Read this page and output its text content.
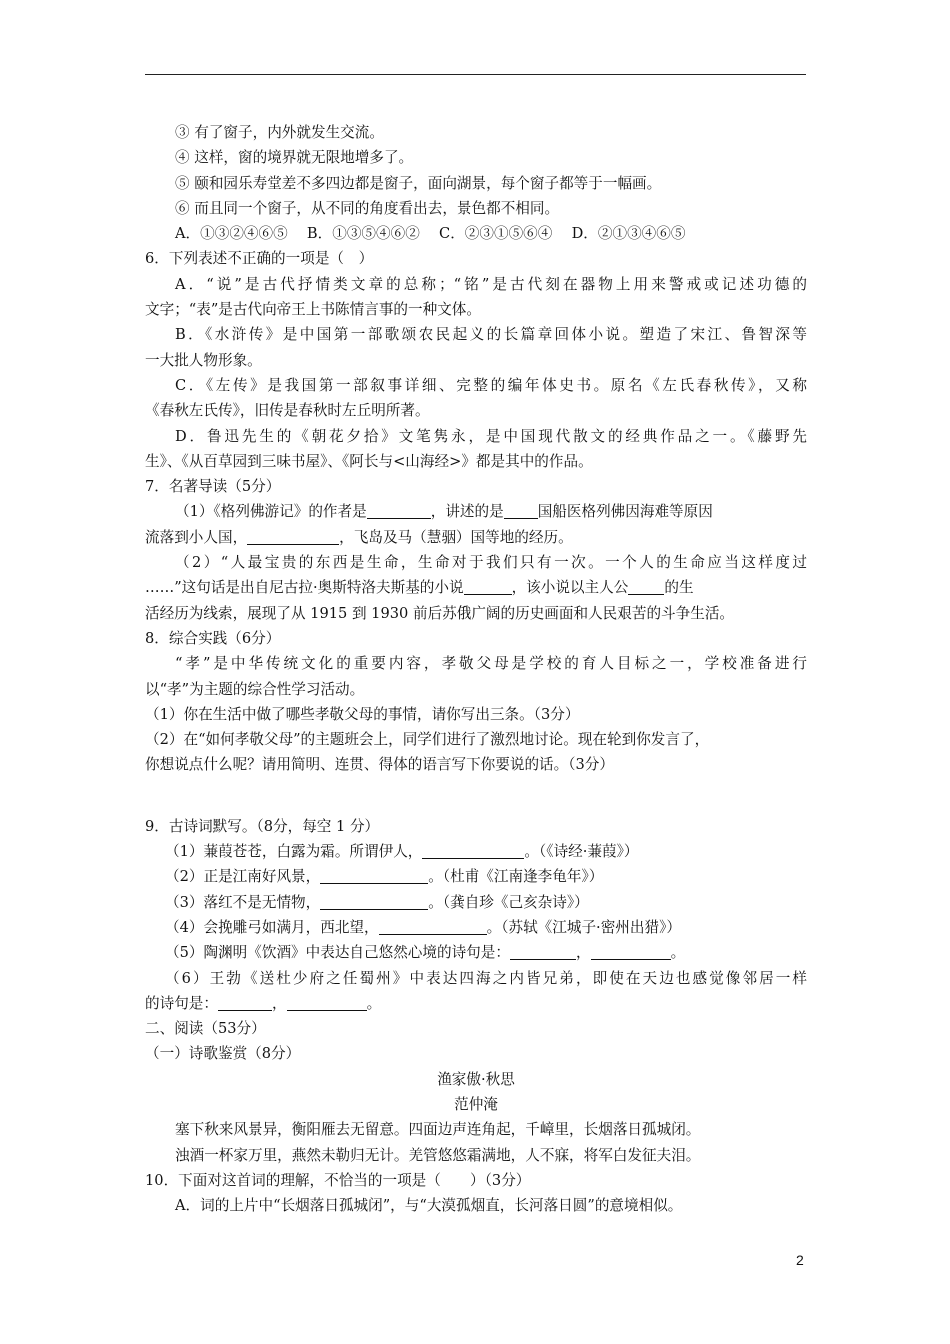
③ 有了窗子，内外就发生交流。
④ 这样，窗的境界就无限地增多了。
⑤ 颐和园乐寿堂差不多四边都是窗子，面向湖景，每个窗子都等于一幅画。
⑥ 而且同一个窗子，从不同的角度看出去，景色都不相同。
A．①③②④⑥⑤　 B．①③⑤④⑥②　 C．②③①⑤⑥④　 D．②①③④⑥⑤
6．下列表述不正确的一项是（　）
A．“说”是古代抒情类文章的总称；“铭”是古代刻在器物上用来警戒或记述功德的
文字；“表”是古代向帝王上书陈情言事的一种文体。
B．《水浒传》是中国第一部歌颂农民起义的长篇章回体小说。塑造了宋江、鲁智深等
一大批人物形象。
C．《左传》是我国第一部叙事详细、完整的编年体史书。原名《左氏春秋传》，又称
《春秋左氏传》，旧传是春秋时左丘明所著。
D．鲁迅先生的《朝花夕拾》文笔隽永，是中国现代散文的经典作品之一。《藤野先
生》、《从百草园到三味书屋》、《阿长与<山海经>》都是其中的作品。
7．名著导读（5分）
（1）《格列佛游记》的作者是	，讲述的是 国船医格列佛因海难等原因
流落到小人国，	，飞岛及马（慧骃）国等地的经历。
（2）“人最宝贵的东西是生命，生命对于我们只有一次。一个人的生命应当这样度过
……”这句话是出自尼古拉·奥斯特洛夫斯基的小说	，该小说以主人公 的生
活经历为线索，展现了从 1915 到 1930 前后苏俄广阔的历史画面和人民艰苦的斗争生活。
8．综合实践（6分）
“孝”是中华传统文化的重要内容，孝敬父母是学校的育人目标之一，学校准备进行
以“孝”为主题的综合性学习活动。
（1）你在生活中做了哪些孝敬父母的事情，请你写出三条。（3分）
（2）在“如何孝敬父母”的主题班会上，同学们进行了激烈地讨论。现在轮到你发言了，
你想说点什么呢？请用简明、连贯、得体的语言写下你要说的话。（3分）
9．古诗词默写。（8分，每空 1 分）
（1）蒹葭苍苍，白露为霜。所谓伊人，	。（《诗经·蒹葭》）
（2）正是江南好风景，	。（杜甫《江南逢李龟年》）
（3）落红不是无情物，	。（龚自珍《己亥杂诗》）
（4）会挽雕弓如满月，西北望，	。（苏轼《江城子·密州出猎》）
（5）陶渊明《饮酒》中表达自己悠然心境的诗句是：	，	。
（6）王勃《送杜少府之任蜀州》中表达四海之内皆兄弟，即使在天边也感觉像邻居一样
的诗句是：	，	。
二、阅读（53分）
（一）诗歌鉴赏（8分）
渔家傲·秋思
范仲淹
塞下秋来风景异，衡阳雁去无留意。四面边声连角起，千嶂里，长烟落日孤城闭。
浊酒一杯家万里，燕然未勒归无计。羌管悠悠霜满地，人不寐，将军白发征夫泪。
10．下面对这首词的理解，不恰当的一项是（　　）（3分）
A．词的上片中“长烟落日孤城闭”，与“大漠孤烟直，长河落日圆”的意境相似。
2
